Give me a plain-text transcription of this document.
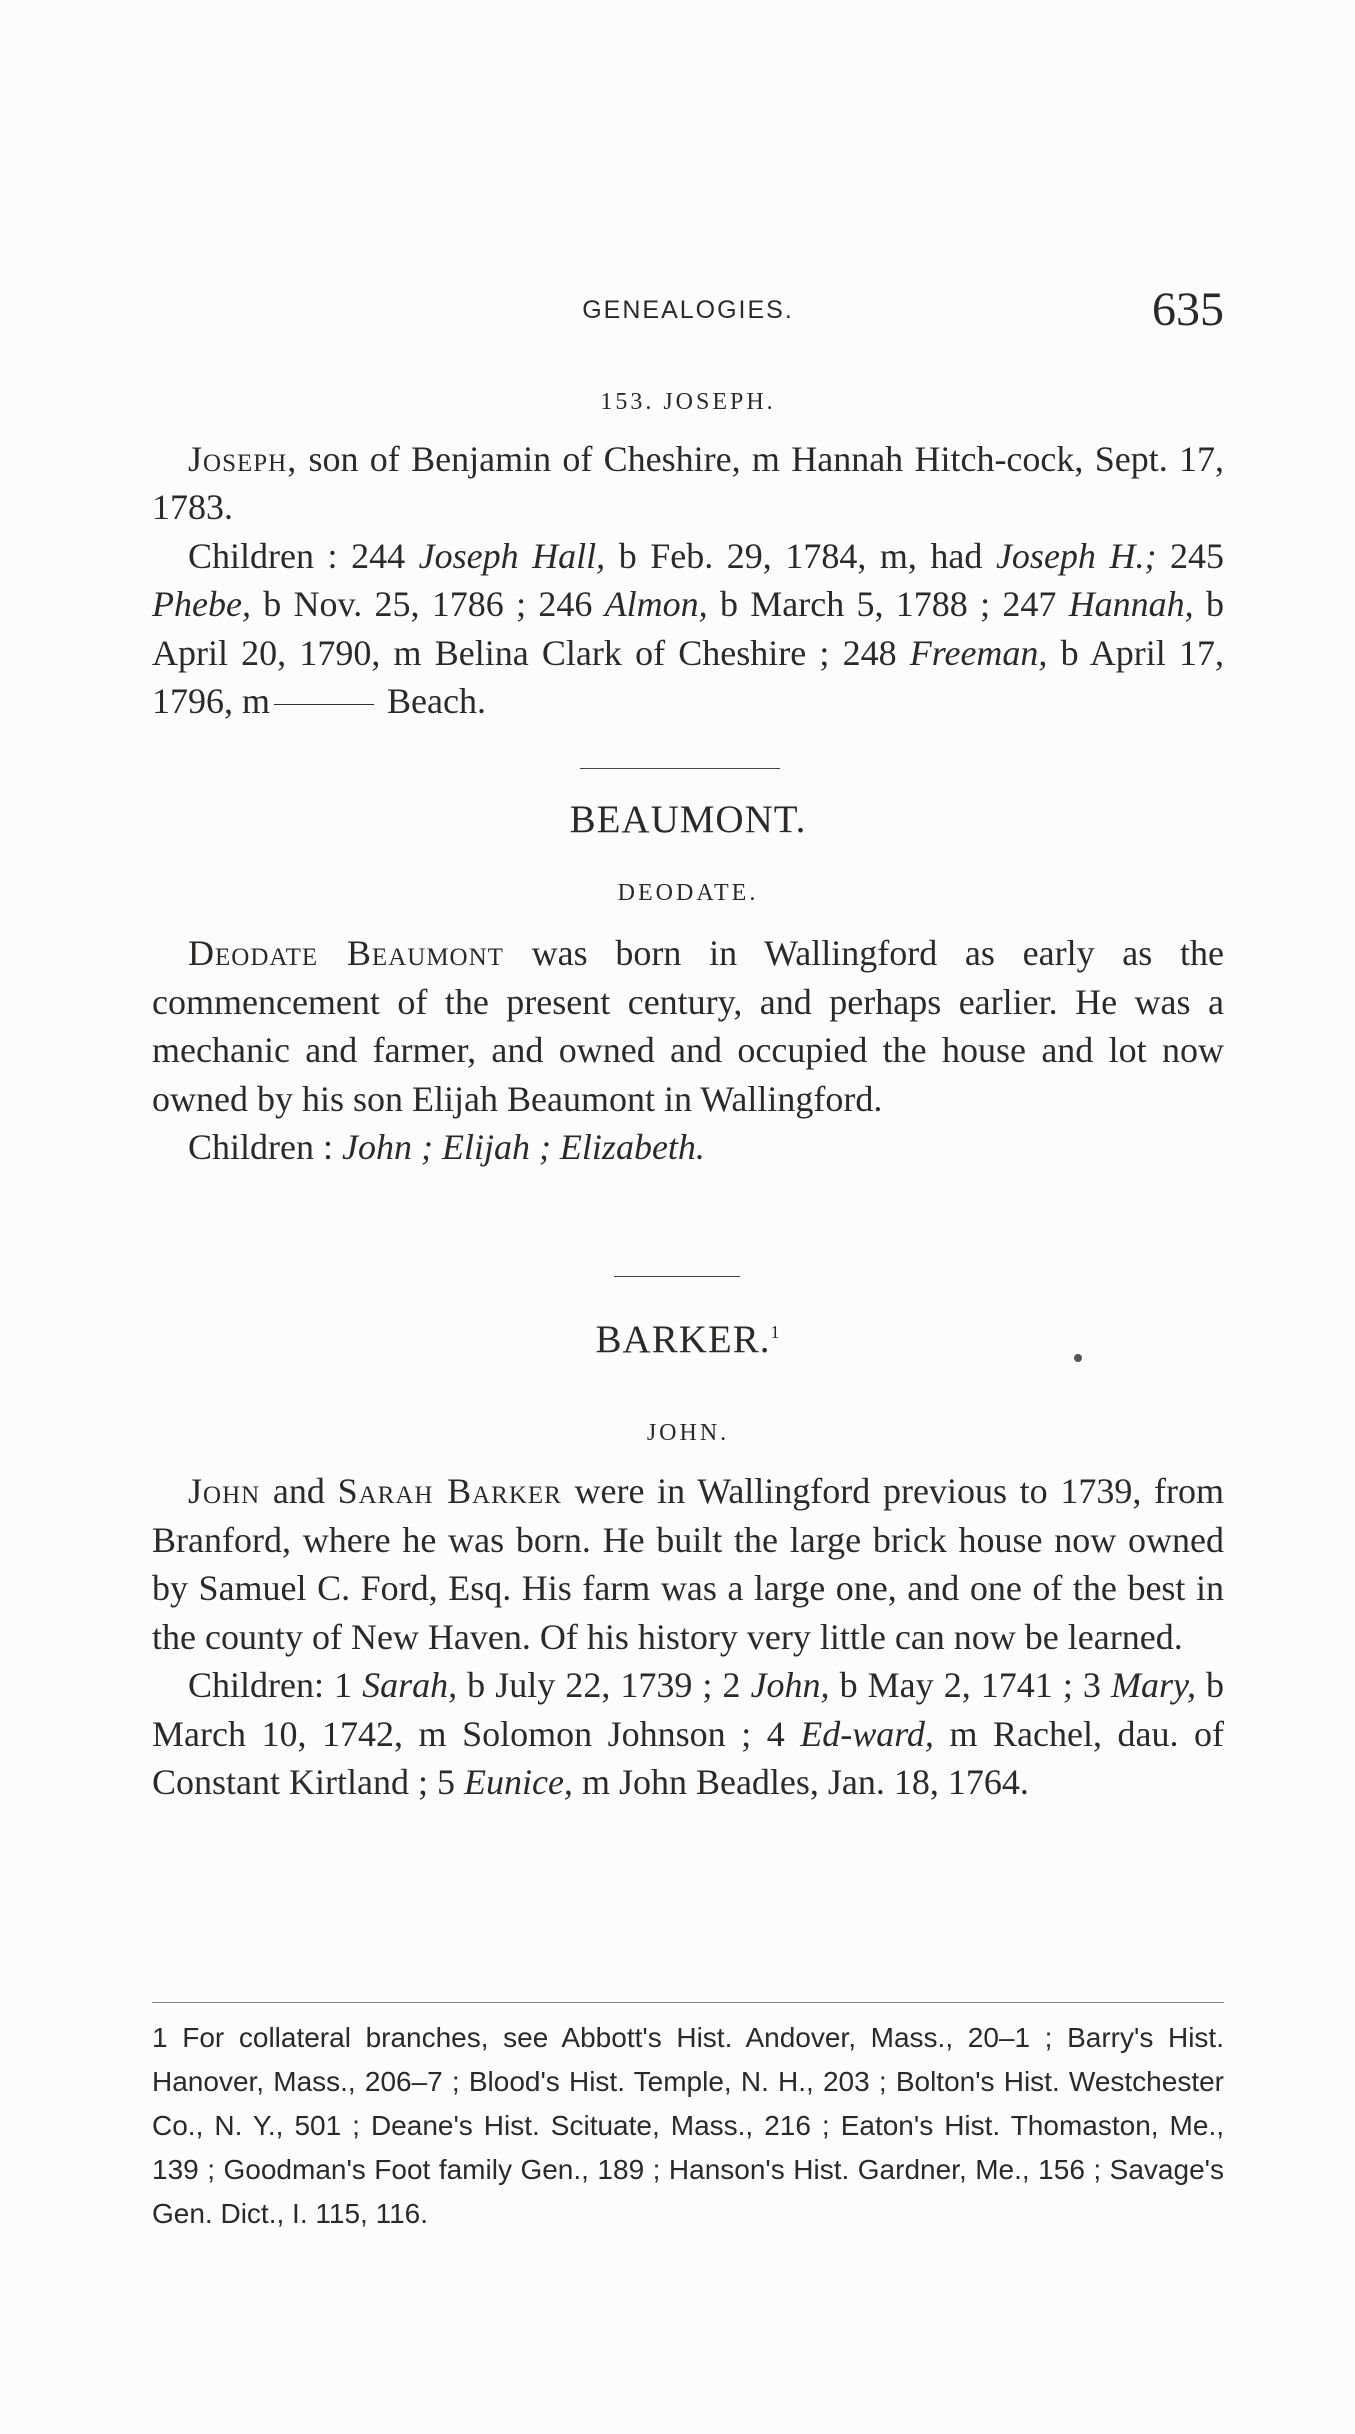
GENEALOGIES.	635
153. JOSEPH.

Joseph, son of Benjamin of Cheshire, m Hannah Hitch-cock, Sept. 17, 1783.

Children : 244 Joseph Hall, b Feb. 29, 1784, m, had Joseph H.; 245 Phebe, b Nov. 25, 1786 ; 246 Almon, b March 5, 1788 ; 247 Hannah, b April 20, 1790, m Belina Clark of Cheshire ; 248 Freeman, b April 17, 1796, m	Beach.

BEAUMONT.
DEODATE.

Deodate Beaumont was born in Wallingford as early as the commencement of the present century, and perhaps earlier. He was a mechanic and farmer, and owned and occupied the house and lot now owned by his son Elijah Beaumont in Wallingford.

Children : John ; Elijah ; Elizabeth.

BARKER.$^1$
JOHN.

John and Sarah Barker were in Wallingford previous to 1739, from Branford, where he was born. He built the large brick house now owned by Samuel C. Ford, Esq. His farm was a large one, and one of the best in the county of New Haven. Of his history very little can now be learned.

Children: 1 Sarah, b July 22, 1739 ; 2 John, b May 2, 1741 ; 3 Mary, b March 10, 1742, m Solomon Johnson ; 4 Ed-ward, m Rachel, dau. of Constant Kirtland ; 5 Eunice, m John Beadles, Jan. 18, 1764.

1 For collateral branches, see Abbott's Hist. Andover, Mass., 20–1 ; Barry's Hist. Hanover, Mass., 206–7 ; Blood's Hist. Temple, N. H., 203 ; Bolton's Hist. Westchester Co., N. Y., 501 ; Deane's Hist. Scituate, Mass., 216 ; Eaton's Hist. Thomaston, Me., 139 ; Goodman's Foot family Gen., 189 ; Hanson's Hist. Gardner, Me., 156 ; Savage's Gen. Dict., I. 115, 116.
